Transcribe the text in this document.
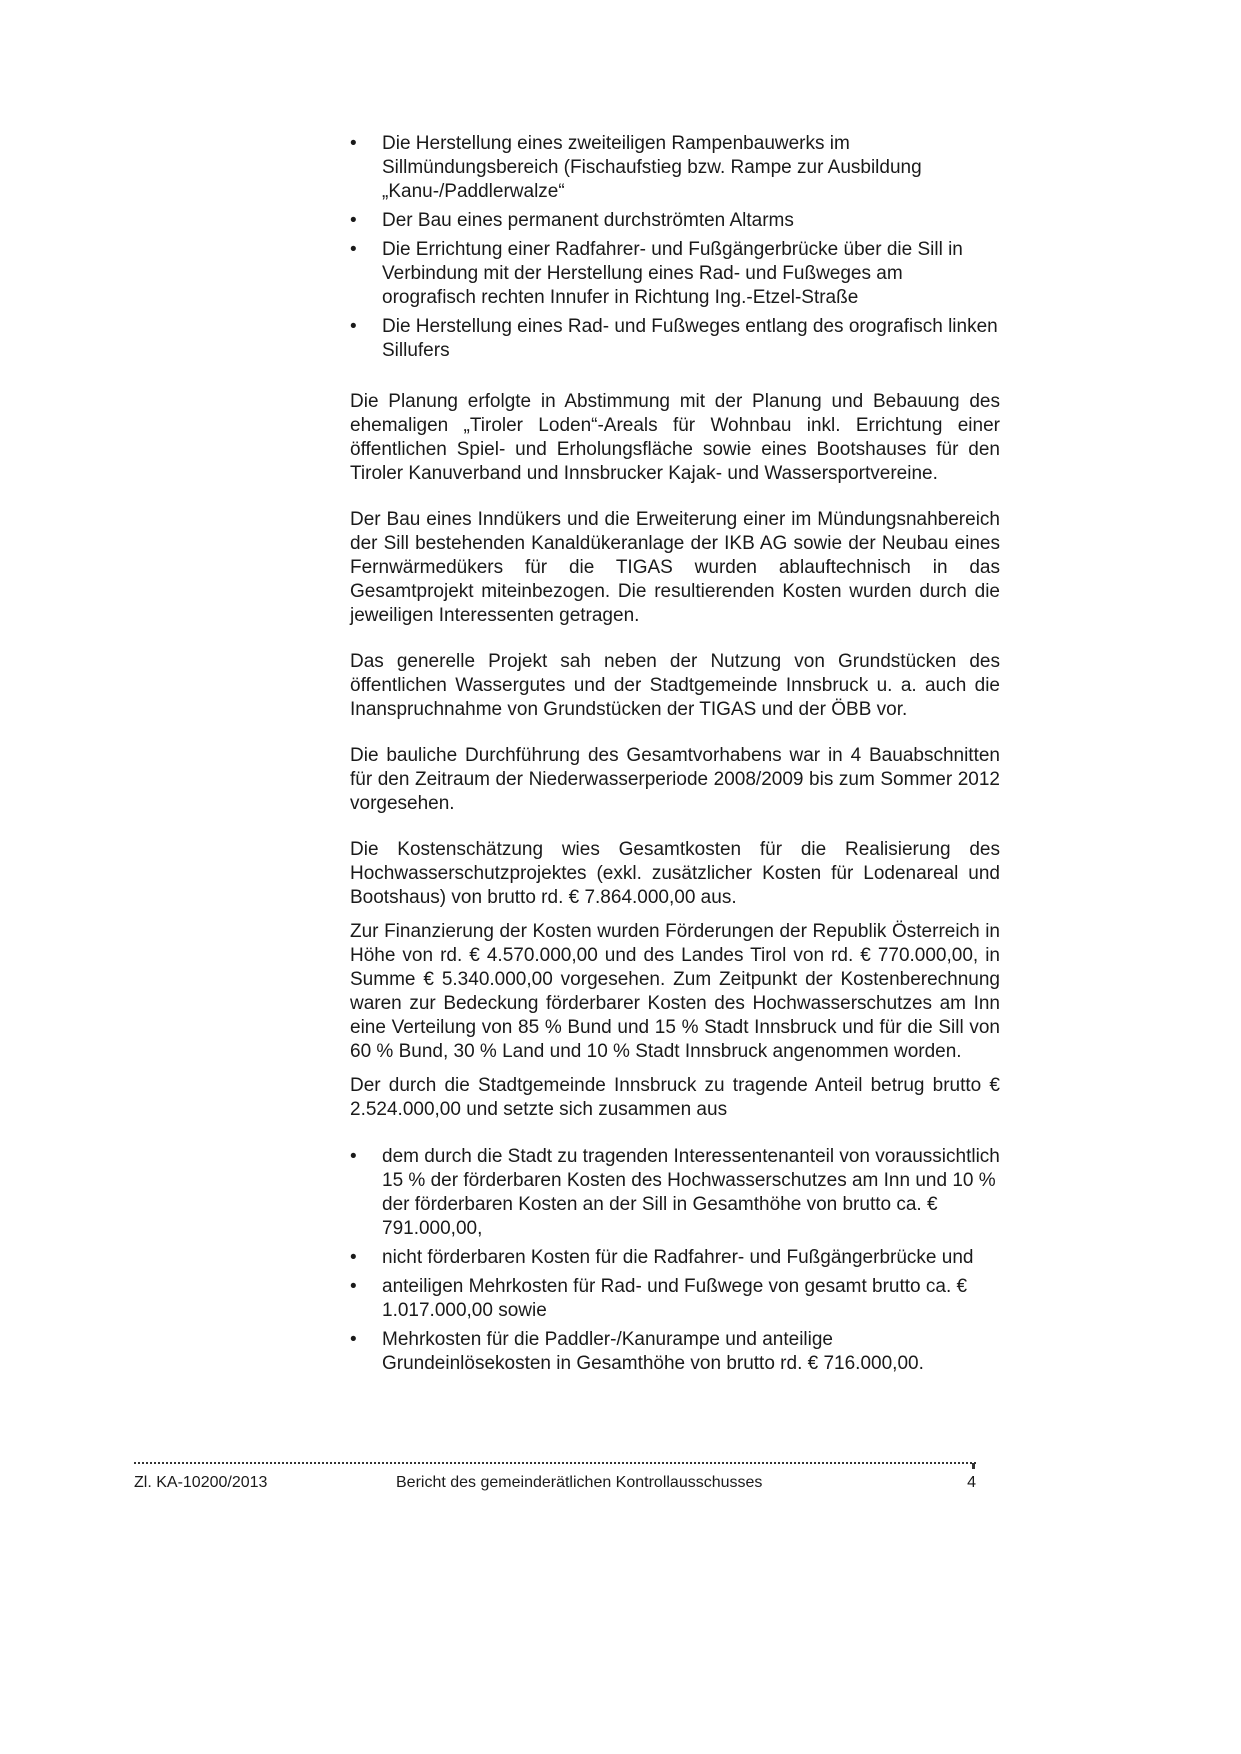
•	Die Herstellung eines zweiteiligen Rampenbauwerks im Sillmündungsbereich (Fischaufstieg bzw. Rampe zur Ausbildung „Kanu-/Paddlerwalze“
•	Der Bau eines permanent durchströmten Altarms
•	Die Errichtung einer Radfahrer- und Fußgängerbrücke über die Sill in Verbindung mit der Herstellung eines Rad- und Fußweges am orografisch rechten Innufer in Richtung Ing.-Etzel-Straße
•	Die Herstellung eines Rad- und Fußweges entlang des orografisch linken Sillufers

Die Planung erfolgte in Abstimmung mit der Planung und Bebauung des ehemaligen „Tiroler Loden“-Areals für Wohnbau inkl. Errichtung einer öffentlichen Spiel- und Erholungsfläche sowie eines Bootshauses für den Tiroler Kanuverband und Innsbrucker Kajak- und Wassersportvereine.

Der Bau eines Inndükers und die Erweiterung einer im Mündungsnahbereich der Sill bestehenden Kanaldükeranlage der IKB AG sowie der Neubau eines Fernwärmedükers für die TIGAS wurden ablauftechnisch in das Gesamtprojekt miteinbezogen. Die resultierenden Kosten wurden durch die jeweiligen Interessenten getragen.

Das generelle Projekt sah neben der Nutzung von Grundstücken des öffentlichen Wassergutes und der Stadtgemeinde Innsbruck u. a. auch die Inanspruchnahme von Grundstücken der TIGAS und der ÖBB vor.

Die bauliche Durchführung des Gesamtvorhabens war in 4 Bauabschnitten für den Zeitraum der Niederwasserperiode 2008/2009 bis zum Sommer 2012 vorgesehen.

Die Kostenschätzung wies Gesamtkosten für die Realisierung des Hochwasserschutzprojektes (exkl. zusätzlicher Kosten für Lodenareal und Bootshaus) von brutto rd. € 7.864.000,00 aus.

Zur Finanzierung der Kosten wurden Förderungen der Republik Österreich in Höhe von rd. € 4.570.000,00 und des Landes Tirol von rd. € 770.000,00, in Summe € 5.340.000,00 vorgesehen. Zum Zeitpunkt der Kostenberechnung waren zur Bedeckung förderbarer Kosten des Hochwasserschutzes am Inn eine Verteilung von 85 % Bund und 15 % Stadt Innsbruck und für die Sill von 60 % Bund, 30 % Land und 10 % Stadt Innsbruck angenommen worden.

Der durch die Stadtgemeinde Innsbruck zu tragende Anteil betrug brutto € 2.524.000,00 und setzte sich zusammen aus

•	dem durch die Stadt zu tragenden Interessentenanteil von voraussichtlich 15 % der förderbaren Kosten des Hochwasserschutzes am Inn und 10 % der förderbaren Kosten an der Sill in Gesamthöhe von brutto ca. € 791.000,00,
•	nicht förderbaren Kosten für die Radfahrer- und Fußgängerbrücke und
•	anteiligen Mehrkosten für Rad- und Fußwege von gesamt brutto ca. € 1.017.000,00 sowie
•	Mehrkosten für die Paddler-/Kanurampe und anteilige Grundeinlösekosten in Gesamthöhe von brutto rd. € 716.000,00.
Zl. KA-10200/2013	Bericht des gemeinderätlichen Kontrollausschusses	4
